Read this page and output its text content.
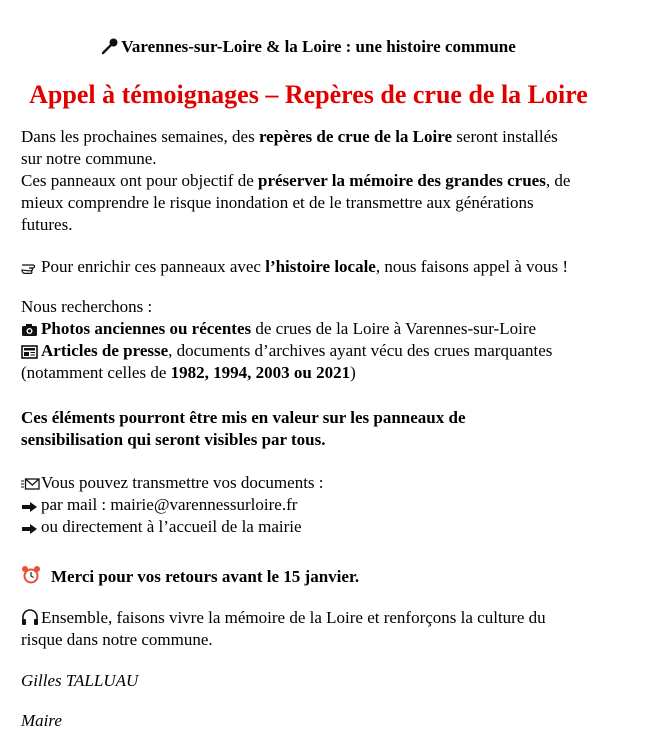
Varennes-sur-Loire & la Loire : une histoire commune
Appel à témoignages – Repères de crue de la Loire
Dans les prochaines semaines, des repères de crue de la Loire seront installés
sur notre commune.
Ces panneaux ont pour objectif de préserver la mémoire des grandes crues, de
mieux comprendre le risque inondation et de le transmettre aux générations
futures.
Pour enrichir ces panneaux avec l’histoire locale, nous faisons appel à vous !
Nous recherchons :
Photos anciennes ou récentes de crues de la Loire à Varennes-sur-Loire
Articles de presse, documents d’archives ayant vécu des crues marquantes
(notamment celles de 1982, 1994, 2003 ou 2021)
Ces éléments pourront être mis en valeur sur les panneaux de
sensibilisation qui seront visibles par tous.
Vous pouvez transmettre vos documents :
par mail : mairie@varennessurloire.fr
ou directement à l’accueil de la mairie
Merci pour vos retours avant le 15 janvier.
Ensemble, faisons vivre la mémoire de la Loire et renforçons la culture du
risque dans notre commune.
Gilles TALLUAU
Maire
